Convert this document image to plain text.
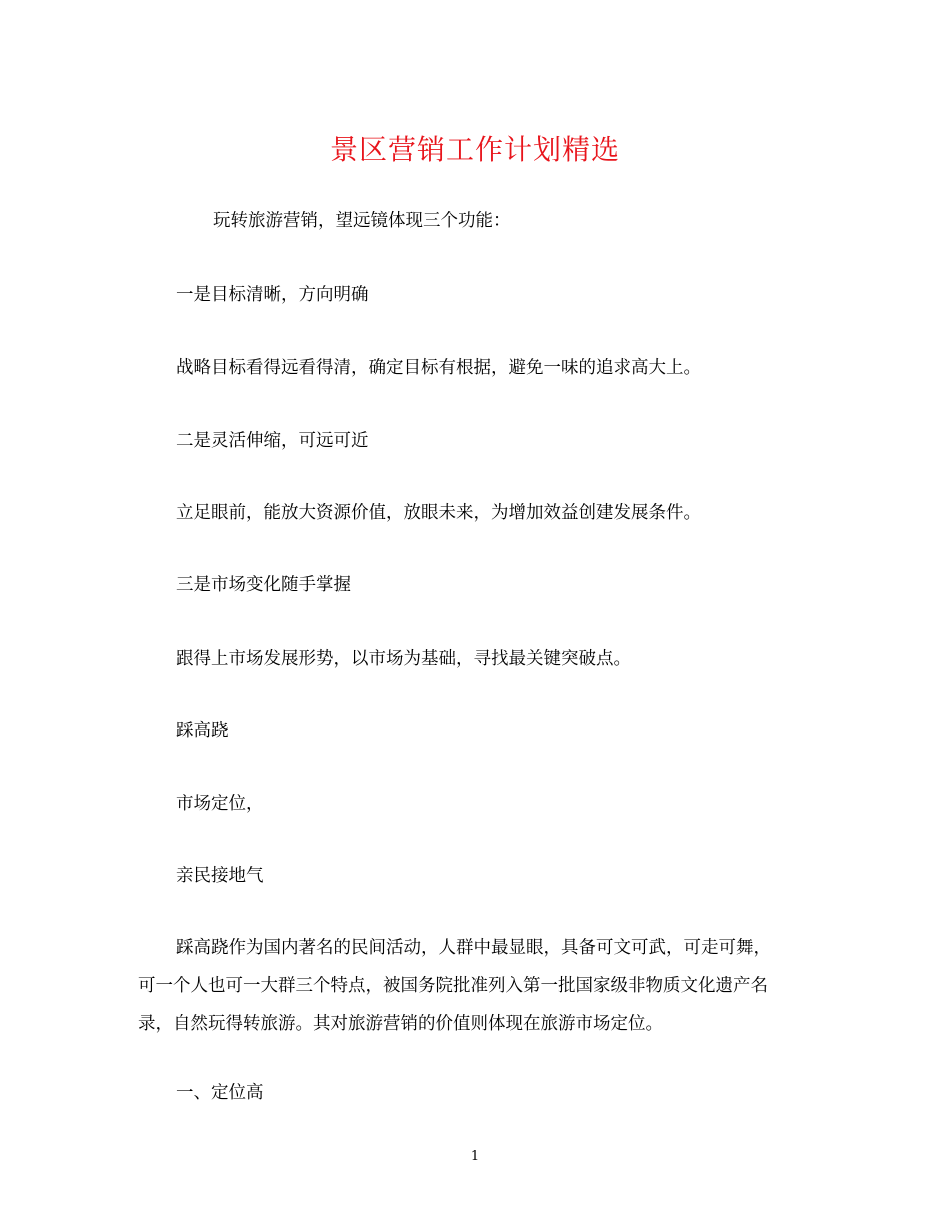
景区营销工作计划精选
玩转旅游营销，望远镜体现三个功能：
一是目标清晰，方向明确
战略目标看得远看得清，确定目标有根据，避免一味的追求高大上。
二是灵活伸缩，可远可近
立足眼前，能放大资源价值，放眼未来，为增加效益创建发展条件。
三是市场变化随手掌握
跟得上市场发展形势，以市场为基础，寻找最关键突破点。
踩高跷
市场定位，
亲民接地气
踩高跷作为国内著名的民间活动，人群中最显眼，具备可文可武，可走可舞，
可一个人也可一大群三个特点，被国务院批准列入第一批国家级非物质文化遗产名
录，自然玩得转旅游。其对旅游营销的价值则体现在旅游市场定位。
一、定位高
1
